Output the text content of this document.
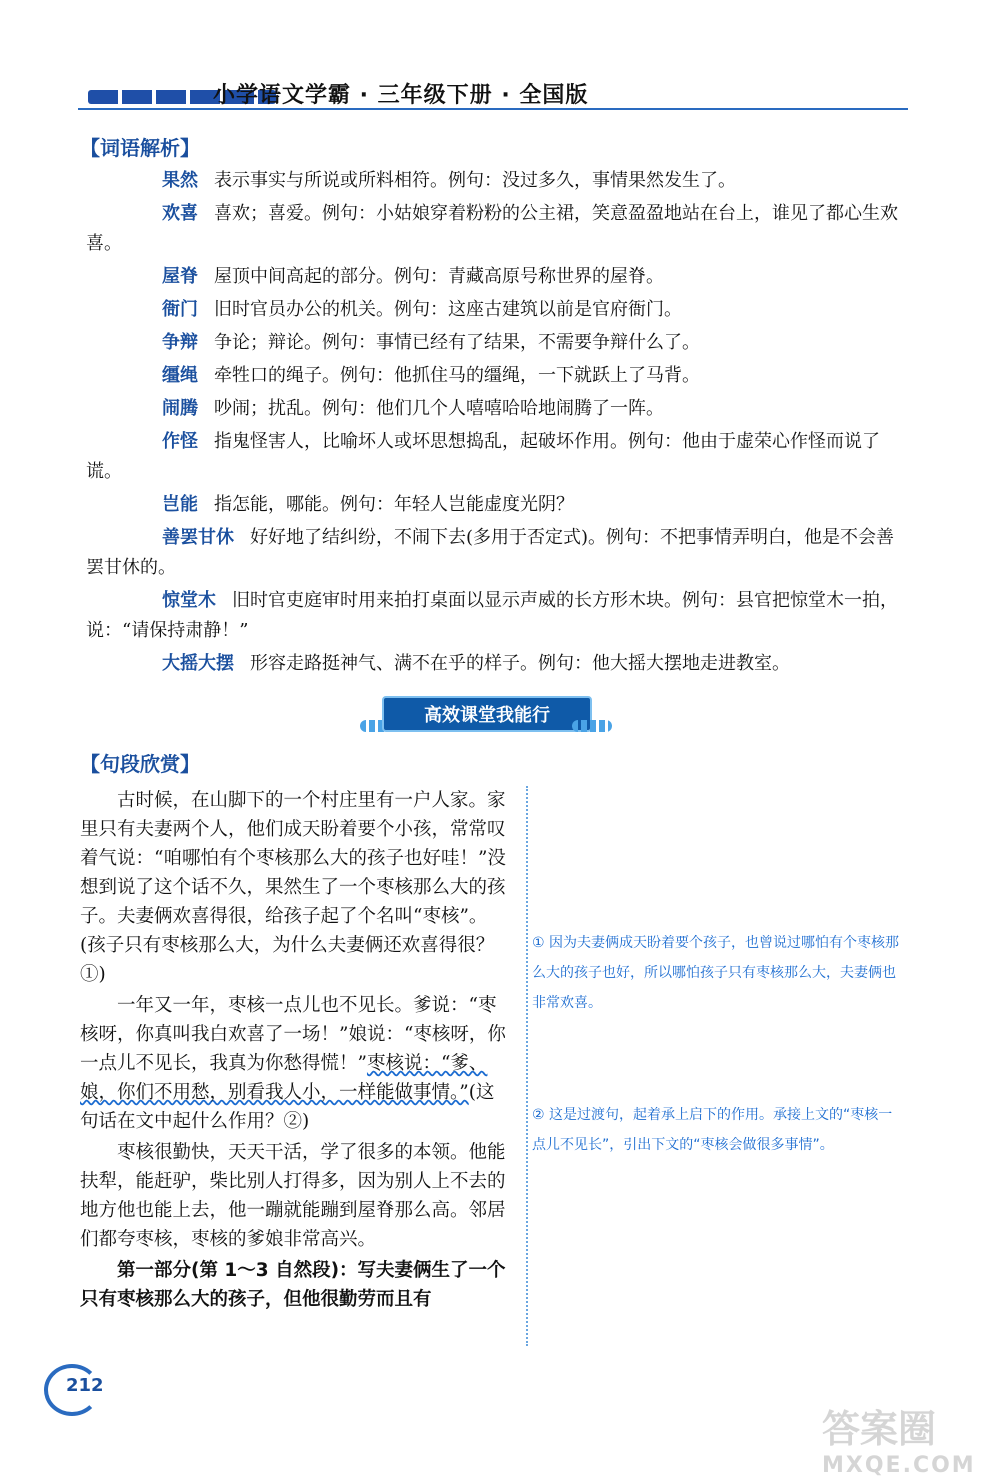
小学语文学霸 · 三年级下册 · 全国版
【词语解析】
果然 表示事实与所说或所料相符。例句：没过多久，事情果然发生了。
欢喜 喜欢；喜爱。例句：小姑娘穿着粉粉的公主裙，笑意盈盈地站在台上，谁见了都心生欢喜。
屋脊 屋顶中间高起的部分。例句：青藏高原号称世界的屋脊。
衙门 旧时官员办公的机关。例句：这座古建筑以前是官府衙门。
争辩 争论；辩论。例句：事情已经有了结果，不需要争辩什么了。
缰绳 牵牲口的绳子。例句：他抓住马的缰绳，一下就跃上了马背。
闹腾 吵闹；扰乱。例句：他们几个人嘻嘻哈哈地闹腾了一阵。
作怪 指鬼怪害人，比喻坏人或坏思想捣乱，起破坏作用。例句：他由于虚荣心作怪而说了谎。
岂能 指怎能，哪能。例句：年轻人岂能虚度光阴？
善罢甘休 好好地了结纠纷，不闹下去(多用于否定式)。例句：不把事情弄明白，他是不会善罢甘休的。
惊堂木 旧时官吏庭审时用来拍打桌面以显示声威的长方形木块。例句：县官把惊堂木一拍，说：“请保持肃静！”
大摇大摆 形容走路挺神气、满不在乎的样子。例句：他大摇大摆地走进教室。
高效课堂我能行
【句段欣赏】

古时候，在山脚下的一个村庄里有一户人家。家里只有夫妻两个人，他们成天盼着要个小孩，常常叹着气说：“咱哪怕有个枣核那么大的孩子也好哇！”没想到说了这个话不久，果然生了一个枣核那么大的孩子。夫妻俩欢喜得很，给孩子起了个名叫“枣核”。(孩子只有枣核那么大，为什么夫妻俩还欢喜得很？①)

一年又一年，枣核一点儿也不见长。爹说：“枣核呀，你真叫我白欢喜了一场！”娘说：“枣核呀，你一点儿不见长，我真为你愁得慌！”枣核说：“爹、娘，你们不用愁，别看我人小，一样能做事情。”(这句话在文中起什么作用？②)

枣核很勤快，天天干活，学了很多的本领。他能扶犁，能赶驴，柴比别人打得多，因为别人上不去的地方他也能上去，他一蹦就能蹦到屋脊那么高。邻居们都夸枣核，枣核的爹娘非常高兴。

第一部分(第 1～3 自然段)：写夫妻俩生了一个只有枣核那么大的孩子，但他很勤劳而且有

① 因为夫妻俩成天盼着要个孩子，也曾说过哪怕有个枣核那么大的孩子也好，所以哪怕孩子只有枣核那么大，夫妻俩也非常欢喜。
② 这是过渡句，起着承上启下的作用。承接上文的“枣核一点儿不见长”，引出下文的“枣核会做很多事情”。
212
答案圈
MXQE.COM
